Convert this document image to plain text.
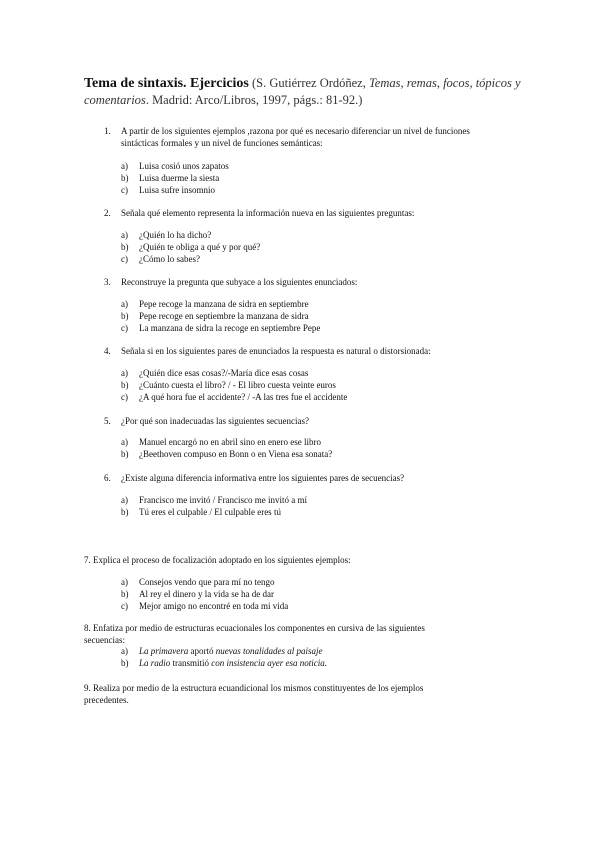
Tema de sintaxis. Ejercicios (S. Gutiérrez Ordóñez, Temas, remas, focos, tópicos y comentarios. Madrid: Arco/Libros, 1997, págs.: 81-92.)
1. A partir de los siguientes ejemplos ,razona por qué es necesario diferenciar un nivel de funciones sintácticas formales y un nivel de funciones semánticas:
a) Luisa cosió unos zapatos
b) Luisa duerme la siesta
c) Luisa sufre insomnio
2. Señala qué elemento representa la información nueva en las siguientes preguntas:
a) ¿Quién lo ha dicho?
b) ¿Quién te obliga a qué y por qué?
c) ¿Cómo lo sabes?
3. Reconstruye la pregunta que subyace a los siguientes enunciados:
a) Pepe recoge la manzana de sidra en septiembre
b) Pepe recoge en septiembre la manzana de sidra
c) La manzana de sidra la recoge en septiembre Pepe
4. Señala si en los siguientes pares de enunciados la respuesta es natural o distorsionada:
a) ¿Quién dice esas cosas?/-María dice esas cosas
b) ¿Cuánto cuesta el libro? / - El libro cuesta veinte euros
c) ¿A qué hora fue el accidente? / -A las tres fue el accidente
5. ¿Por qué son inadecuadas las siguientes secuencias?
a) Manuel encargó no en abril sino en enero ese libro
b) ¿Beethoven compuso en Bonn o en Viena esa sonata?
6. ¿Existe alguna diferencia informativa entre los siguientes pares de secuencias?
a) Francisco me invitó / Francisco me invitó a mí
b) Tú eres el culpable / El culpable eres tú
7. Explica el proceso de focalización adoptado en los siguientes ejemplos:
a) Consejos vendo que para mí no tengo
b) Al rey el dinero y la vida se ha de dar
c) Mejor amigo no encontré en toda mi vida
8. Enfatiza por medio de estructuras ecuacionales los componentes en cursiva de las siguientes secuencias:
a) La primavera aportó nuevas tonalidades al paisaje
b) La radio transmitió con insistencia ayer esa noticia.
9. Realiza por medio de la estructura ecuandicional los mismos constituyentes de los ejemplos precedentes.
